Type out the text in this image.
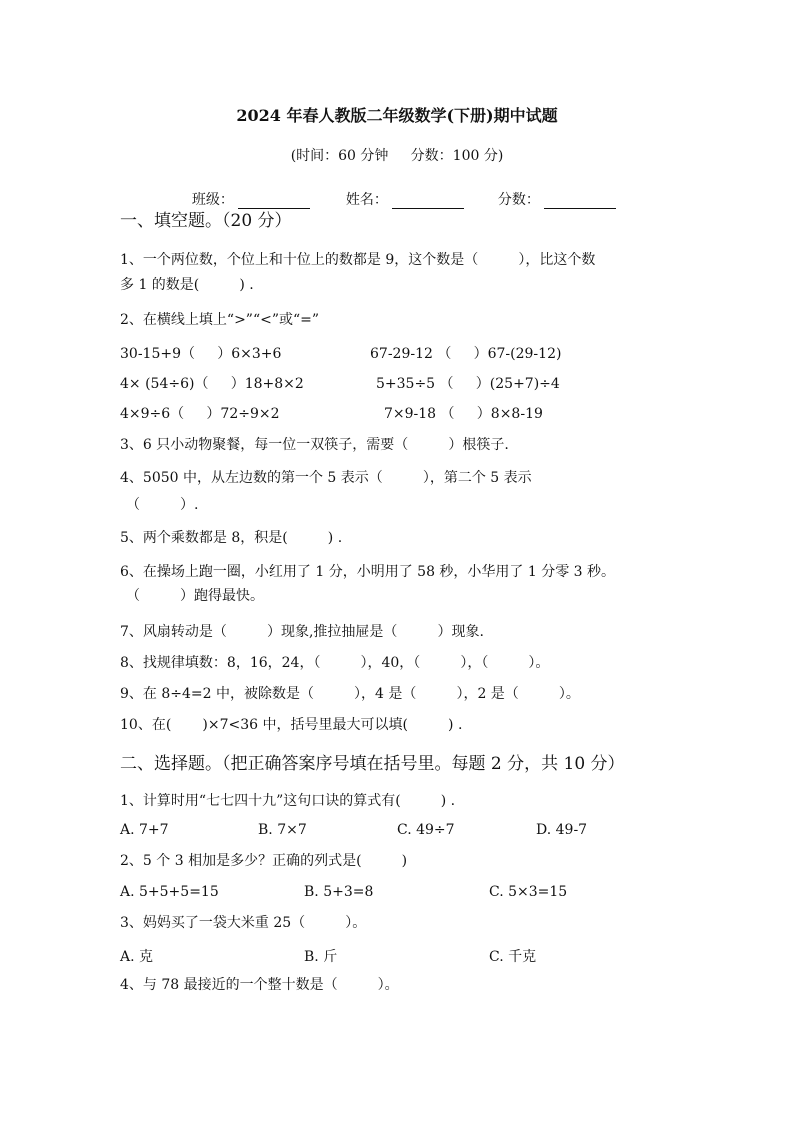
2024 年春人教版二年级数学(下册)期中试题
(时间：60 分钟     分数：100 分)

班级：	姓名：	分数：

一、填空题。（20 分）
1、一个两位数，个位上和十位上的数都是 9，这个数是（         ），比这个数
多 1 的数是(         ) .
2、在横线上填上“>”“<”或“=”
30-15+9（     ）6×3+6	67-29-12 （     ）67-(29-12)
4× (54÷6)（     ）18+8×2	5+35÷5 （     ）(25+7)÷4
4×9÷6（     ）72÷9×2	7×9-18 （     ）8×8-19
3、6 只小动物聚餐，每一位一双筷子，需要（         ）根筷子.
4、5050 中，从左边数的第一个 5 表示（         ），第二个 5 表示
（         ）.
5、两个乘数都是 8，积是(         ) .
6、在操场上跑一圈，小红用了 1 分，小明用了 58 秒，小华用了 1 分零 3 秒。
（         ）跑得最快。
7、风扇转动是（         ）现象,推拉抽屉是（         ）现象.
8、找规律填数：8，16，24，（         ），40，（         ），（         ）。
9、在 8÷4=2 中，被除数是（         ），4 是（         ），2 是（         ）。
10、在(       )×7<36 中，括号里最大可以填(         ) .
二、选择题。（把正确答案序号填在括号里。每题 2 分，共 10 分）
1、计算时用“七七四十九”这句口诀的算式有(         ) .
A. 7+7	B. 7×7	C. 49÷7	D. 49-7
2、5 个 3 相加是多少？正确的列式是(         )
A. 5+5+5=15	B. 5+3=8	C. 5×3=15
3、妈妈买了一袋大米重 25（         ）。
A. 克	B. 斤	C. 千克
4、与 78 最接近的一个整十数是（         ）。
